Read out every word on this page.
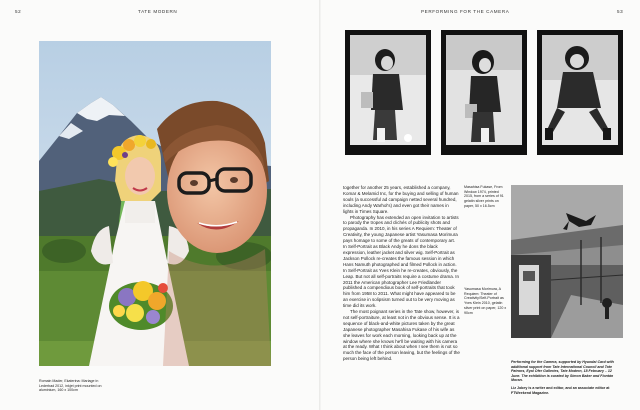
52	TATE MODERN	PERFORMING FOR THE CAMERA	53
Romain Mader, Ekaterina: Mariage in Lederbad 2012, inkjet print mounted on aluminium, 160 x 100cm

together for another 25 years, established a company, Komar & Melamid Inc, for the buying and selling of human souls (a successful ad campaign netted several hundred, including Andy Warhol's) and even got their names in lights in Times Square.

Photography has extended an open invitation to artists to parody the tropes and clichés of publicity shots and propaganda. In 2010, in his series A Requiem: Theater of Creativity, the young Japanese artist Yasumasa Morimura pays homage to some of the greats of contemporary art. In Self-Portrait as Black Andy he dons the black expression, leather jacket and silver wig. Self-Portrait as Jackson Pollock re-creates the famous session in which Hans Namuth photographed and filmed Pollock in action. In Self-Portrait as Yves Klein he re-creates, obviously, the Leap. But not all self-portraits require a costume drama. In 2011 the American photographer Lee Friedlander published a compendious book of self-portraits that took him from 1958 to 2011. What might have appeared to be an exercise in solipsism turned out to be very moving as time did its work.

The most poignant series in the Tate show, however, is not self-portraiture, at least not in the obvious sense. It is a sequence of black-and-white pictures taken by the great Japanese photographer Masahisa Fukase of his wife as she leaves for work each morning, looking back up at the window where she knows he'll be waiting with his camera at the ready. What I think about when I see them is not so much the face of the person leaving, but the feelings of the person being left behind.

Masahisa Fukase, From Window 1974, printed 2015, from a series of 91 gelatin silver prints on paper, 50 x 16.5cm
Yasumasa Morimura, A Requiem: Theater of Creativity/Self-Portrait as Yves Klein 2010, gelatin silver print on paper, 120 x 90cm
Performing for the Camera, supported by Hyundai Card with additional support from Tate International Council and Tate Patrons, Eyal Ofer Galleries, Tate Modern, 18 February – 12 June. The exhibition is curated by Simon Baker and Fiontán Moran.
Liz Jobey is a writer and editor, and an associate editor at FTWeekend Magazine.
